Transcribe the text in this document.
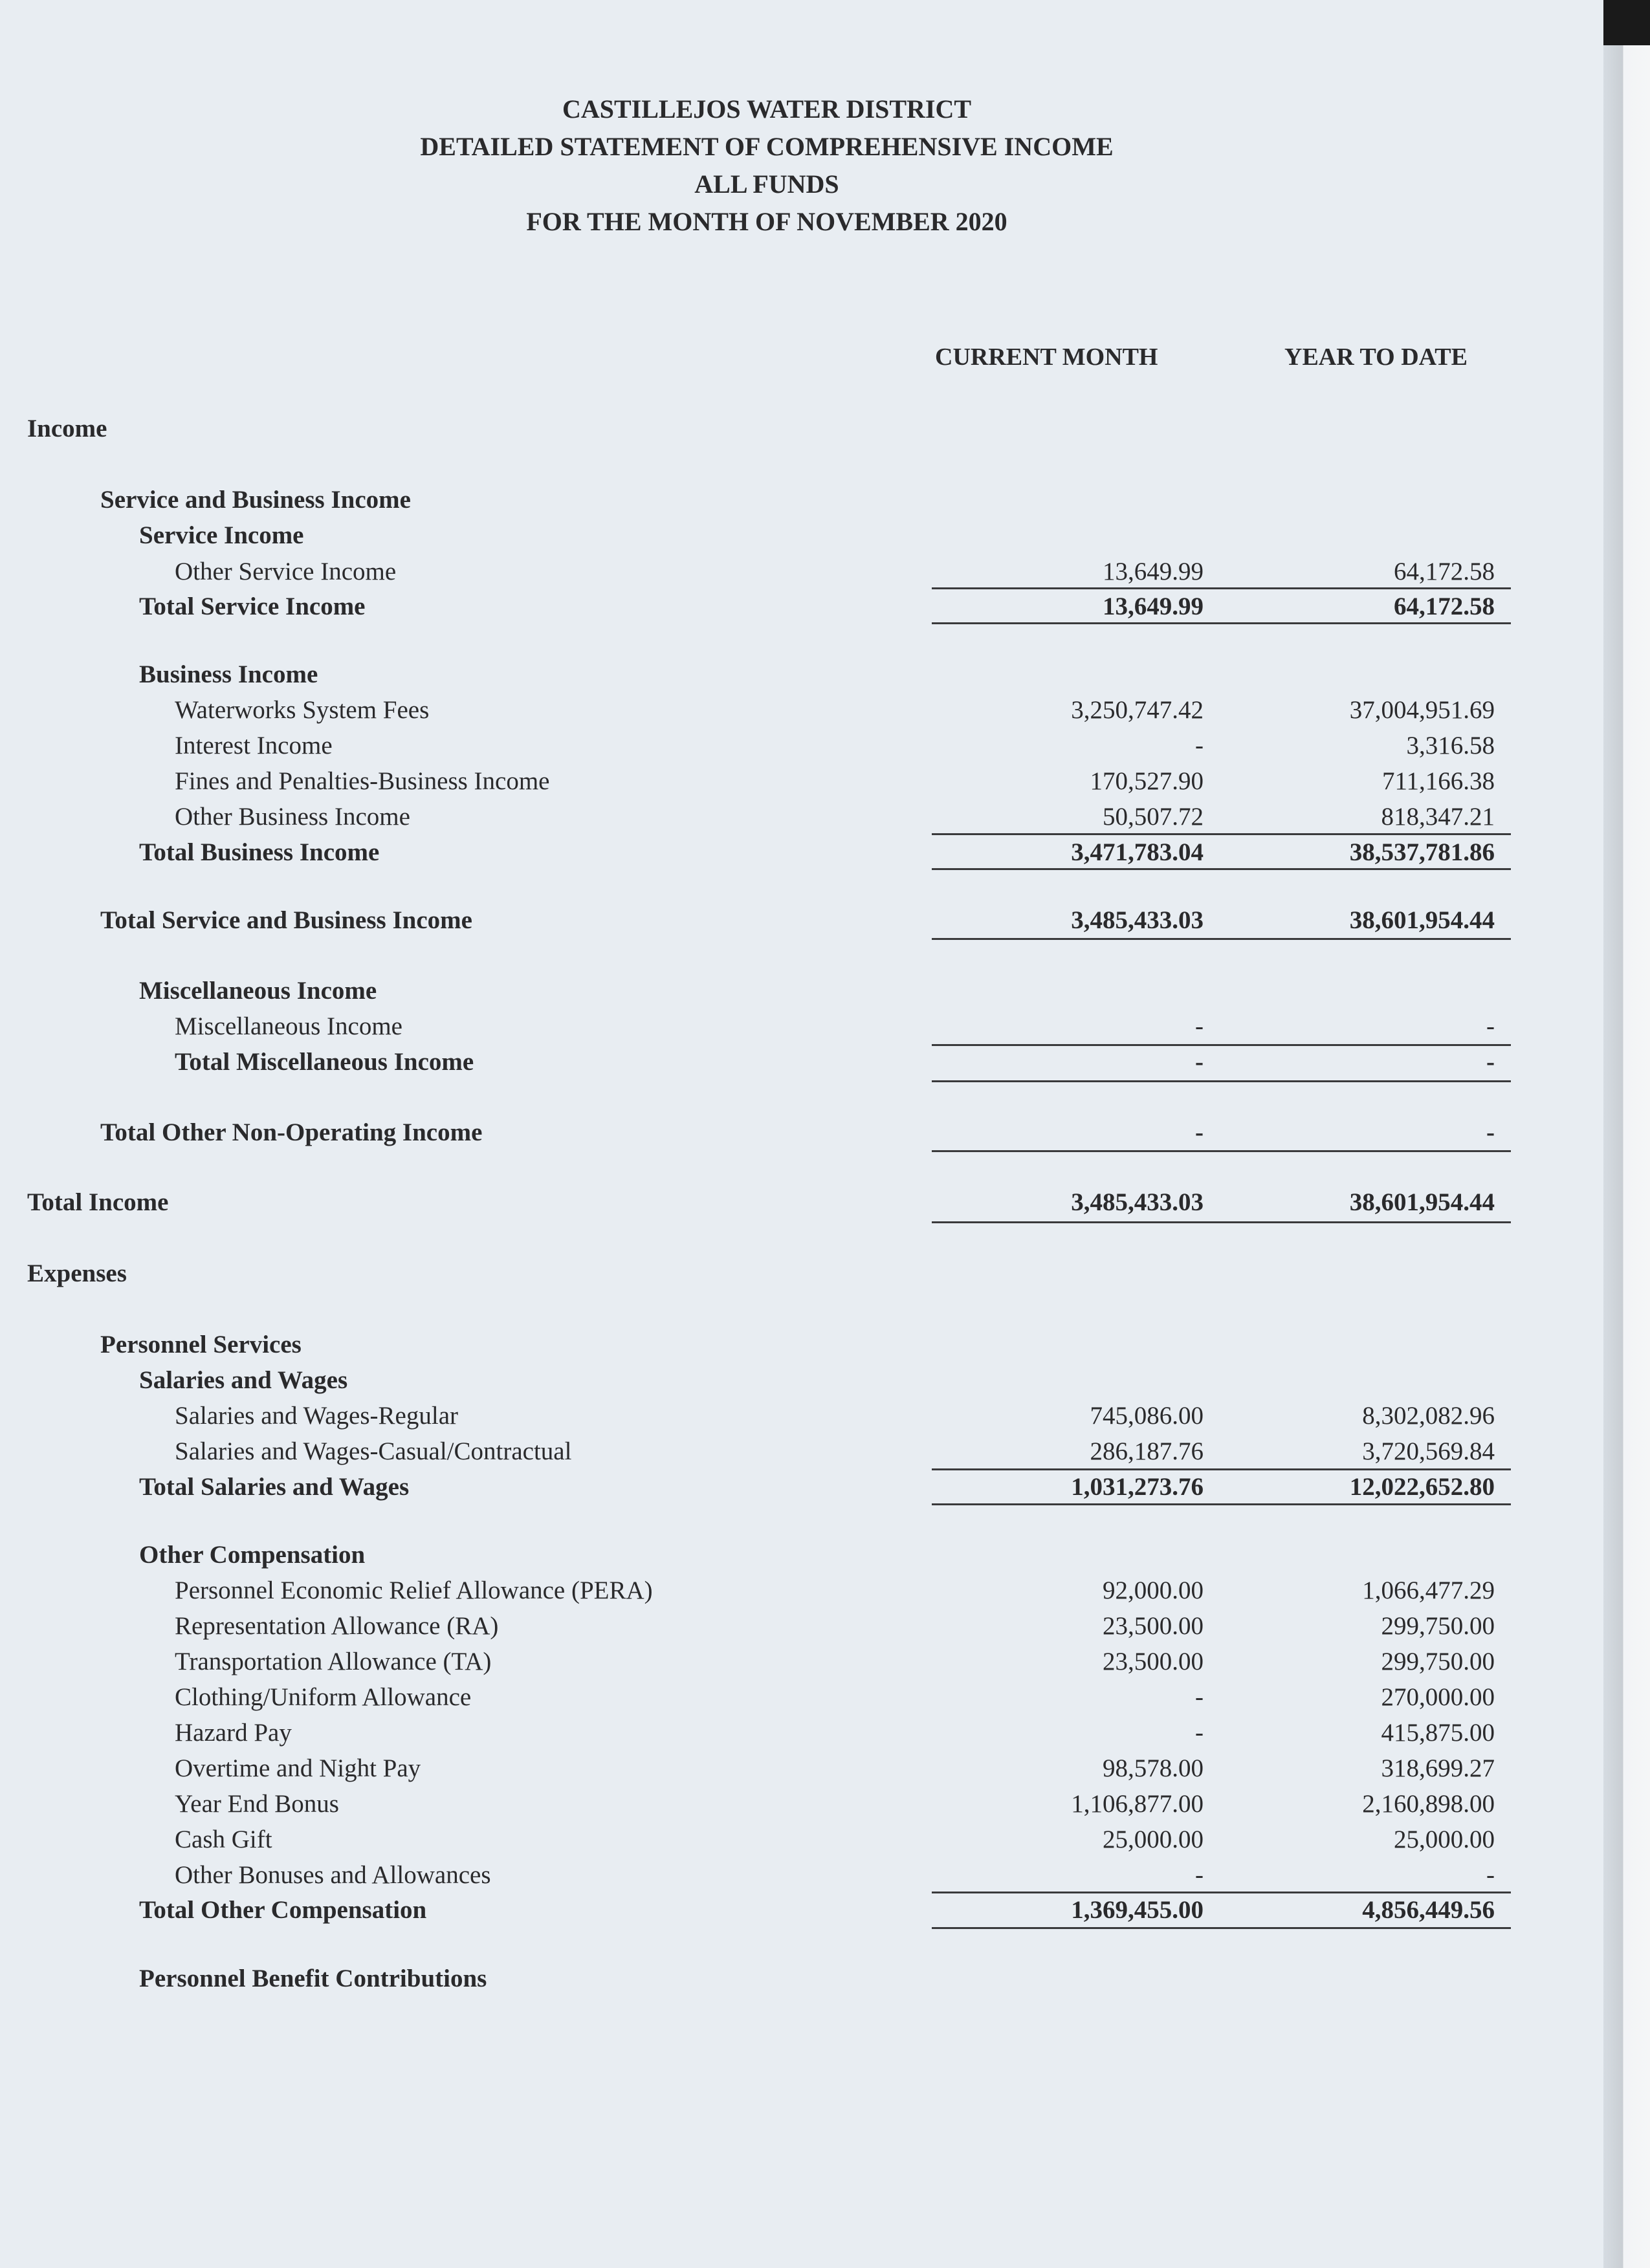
CASTILLEJOS WATER DISTRICT
DETAILED STATEMENT OF COMPREHENSIVE INCOME
ALL FUNDS
FOR THE MONTH OF NOVEMBER 2020
CURRENT MONTH	YEAR TO DATE
Income
Service and Business Income
Service Income
Other Service Income	13,649.99	64,172.58
Total Service Income	13,649.99	64,172.58
Business Income
Waterworks System Fees	3,250,747.42	37,004,951.69
Interest Income	-	3,316.58
Fines and Penalties-Business Income	170,527.90	711,166.38
Other Business Income	50,507.72	818,347.21
Total Business Income	3,471,783.04	38,537,781.86
Total Service and Business Income	3,485,433.03	38,601,954.44
Miscellaneous Income
Miscellaneous Income	-	-
Total Miscellaneous Income	-	-
Total Other Non-Operating Income	-	-
Total Income	3,485,433.03	38,601,954.44
Expenses
Personnel Services
Salaries and Wages
Salaries and Wages-Regular	745,086.00	8,302,082.96
Salaries and Wages-Casual/Contractual	286,187.76	3,720,569.84
Total Salaries and Wages	1,031,273.76	12,022,652.80
Other Compensation
Personnel Economic Relief Allowance (PERA)	92,000.00	1,066,477.29
Representation Allowance (RA)	23,500.00	299,750.00
Transportation Allowance (TA)	23,500.00	299,750.00
Clothing/Uniform Allowance	-	270,000.00
Hazard Pay	-	415,875.00
Overtime and Night Pay	98,578.00	318,699.27
Year End Bonus	1,106,877.00	2,160,898.00
Cash Gift	25,000.00	25,000.00
Other Bonuses and Allowances	-	-
Total Other Compensation	1,369,455.00	4,856,449.56
Personnel Benefit Contributions
